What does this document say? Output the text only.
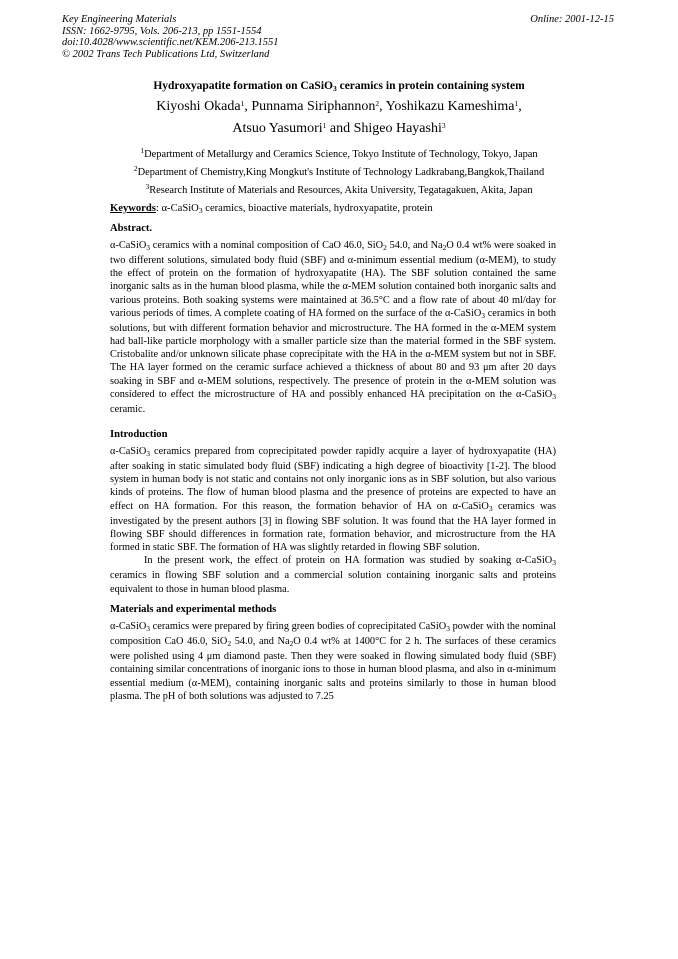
Key Engineering Materials
ISSN: 1662-9795, Vols. 206-213, pp 1551-1554
doi:10.4028/www.scientific.net/KEM.206-213.1551
© 2002 Trans Tech Publications Ltd, Switzerland
Online: 2001-12-15
Hydroxyapatite formation on CaSiO$_3$ ceramics in protein containing system
Kiyoshi Okada$^1$, Punnama Siriphannon$^2$, Yoshikazu Kameshima$^1$,
Atsuo Yasumori$^1$ and Shigeo Hayashi$^3$
$^1$Department of Metallurgy and Ceramics Science, Tokyo Institute of Technology, Tokyo, Japan
$^2$Department of Chemistry,King Mongkut's Institute of Technology Ladkrabang,Bangkok,Thailand
$^3$Research Institute of Materials and Resources, Akita University, Tegatagakuen, Akita, Japan
Keywords: α-CaSiO$_3$ ceramics, bioactive materials, hydroxyapatite, protein
Abstract.

α-CaSiO$_3$ ceramics with a nominal composition of CaO 46.0, SiO$_2$ 54.0, and $Na_2O$ 0.4 wt% were soaked in two different solutions, simulated body fluid (SBF) and α-minimum essential medium (α-MEM), to study the effect of protein on the formation of hydroxyapatite (HA). The SBF solution contained the same inorganic salts as in the human blood plasma, while the α-MEM solution contained both inorganic salts and various proteins. Both soaking systems were maintained at 36.5°C and a flow rate of about 40 ml/day for various periods of times. A complete coating of HA formed on the surface of the α-CaSiO$_3$ ceramics in both solutions, but with different formation behavior and microstructure. The HA formed in the α-MEM system had ball-like particle morphology with a smaller particle size than the material formed in the SBF system. Cristobalite and/or unknown silicate phase coprecipitate with the HA in the α-MEM system but not in SBF. The HA layer formed on the ceramic surface achieved a thickness of about 80 and 93 μm after 20 days soaking in SBF and α-MEM solutions, respectively. The presence of protein in the α-MEM solution was considered to effect the microstructure of HA and possibly enhanced HA precipitation on the α-CaSiO$_3$ ceramic.

Introduction

α-CaSiO$_3$ ceramics prepared from coprecipitated powder rapidly acquire a layer of hydroxyapatite (HA) after soaking in static simulated body fluid (SBF) indicating a high degree of bioactivity [1-2]. The blood system in human body is not static and contains not only inorganic ions as in SBF solution, but also various kinds of proteins. The flow of human blood plasma and the presence of proteins are expected to have an effect on HA formation. For this reason, the formation behavior of HA on α-CaSiO$_3$ ceramics was investigated by the present authors [3] in flowing SBF solution. It was found that the HA layer formed in flowing SBF should differences in formation rate, formation behavior, and microstructure from the HA formed in static SBF. The formation of HA was slightly retarded in flowing SBF solution.

In the present work, the effect of protein on HA formation was studied by soaking α-CaSiO$_3$ ceramics in flowing SBF solution and a commercial solution containing inorganic salts and proteins equivalent to those in human blood plasma.

Materials and experimental methods

α-CaSiO$_3$ ceramics were prepared by firing green bodies of coprecipitated CaSiO$_3$ powder with the nominal composition CaO 46.0, SiO$_2$ 54.0, and $Na_2O$ 0.4 wt% at 1400°C for 2 h. The surfaces of these ceramics were polished using 4 μm diamond paste. Then they were soaked in flowing simulated body fluid (SBF) containing similar concentrations of inorganic ions to those in human blood plasma, and also in α-minimum essential medium (α-MEM), containing inorganic salts and proteins similarly to those in human blood plasma. The pH of both solutions was adjusted to 7.25
